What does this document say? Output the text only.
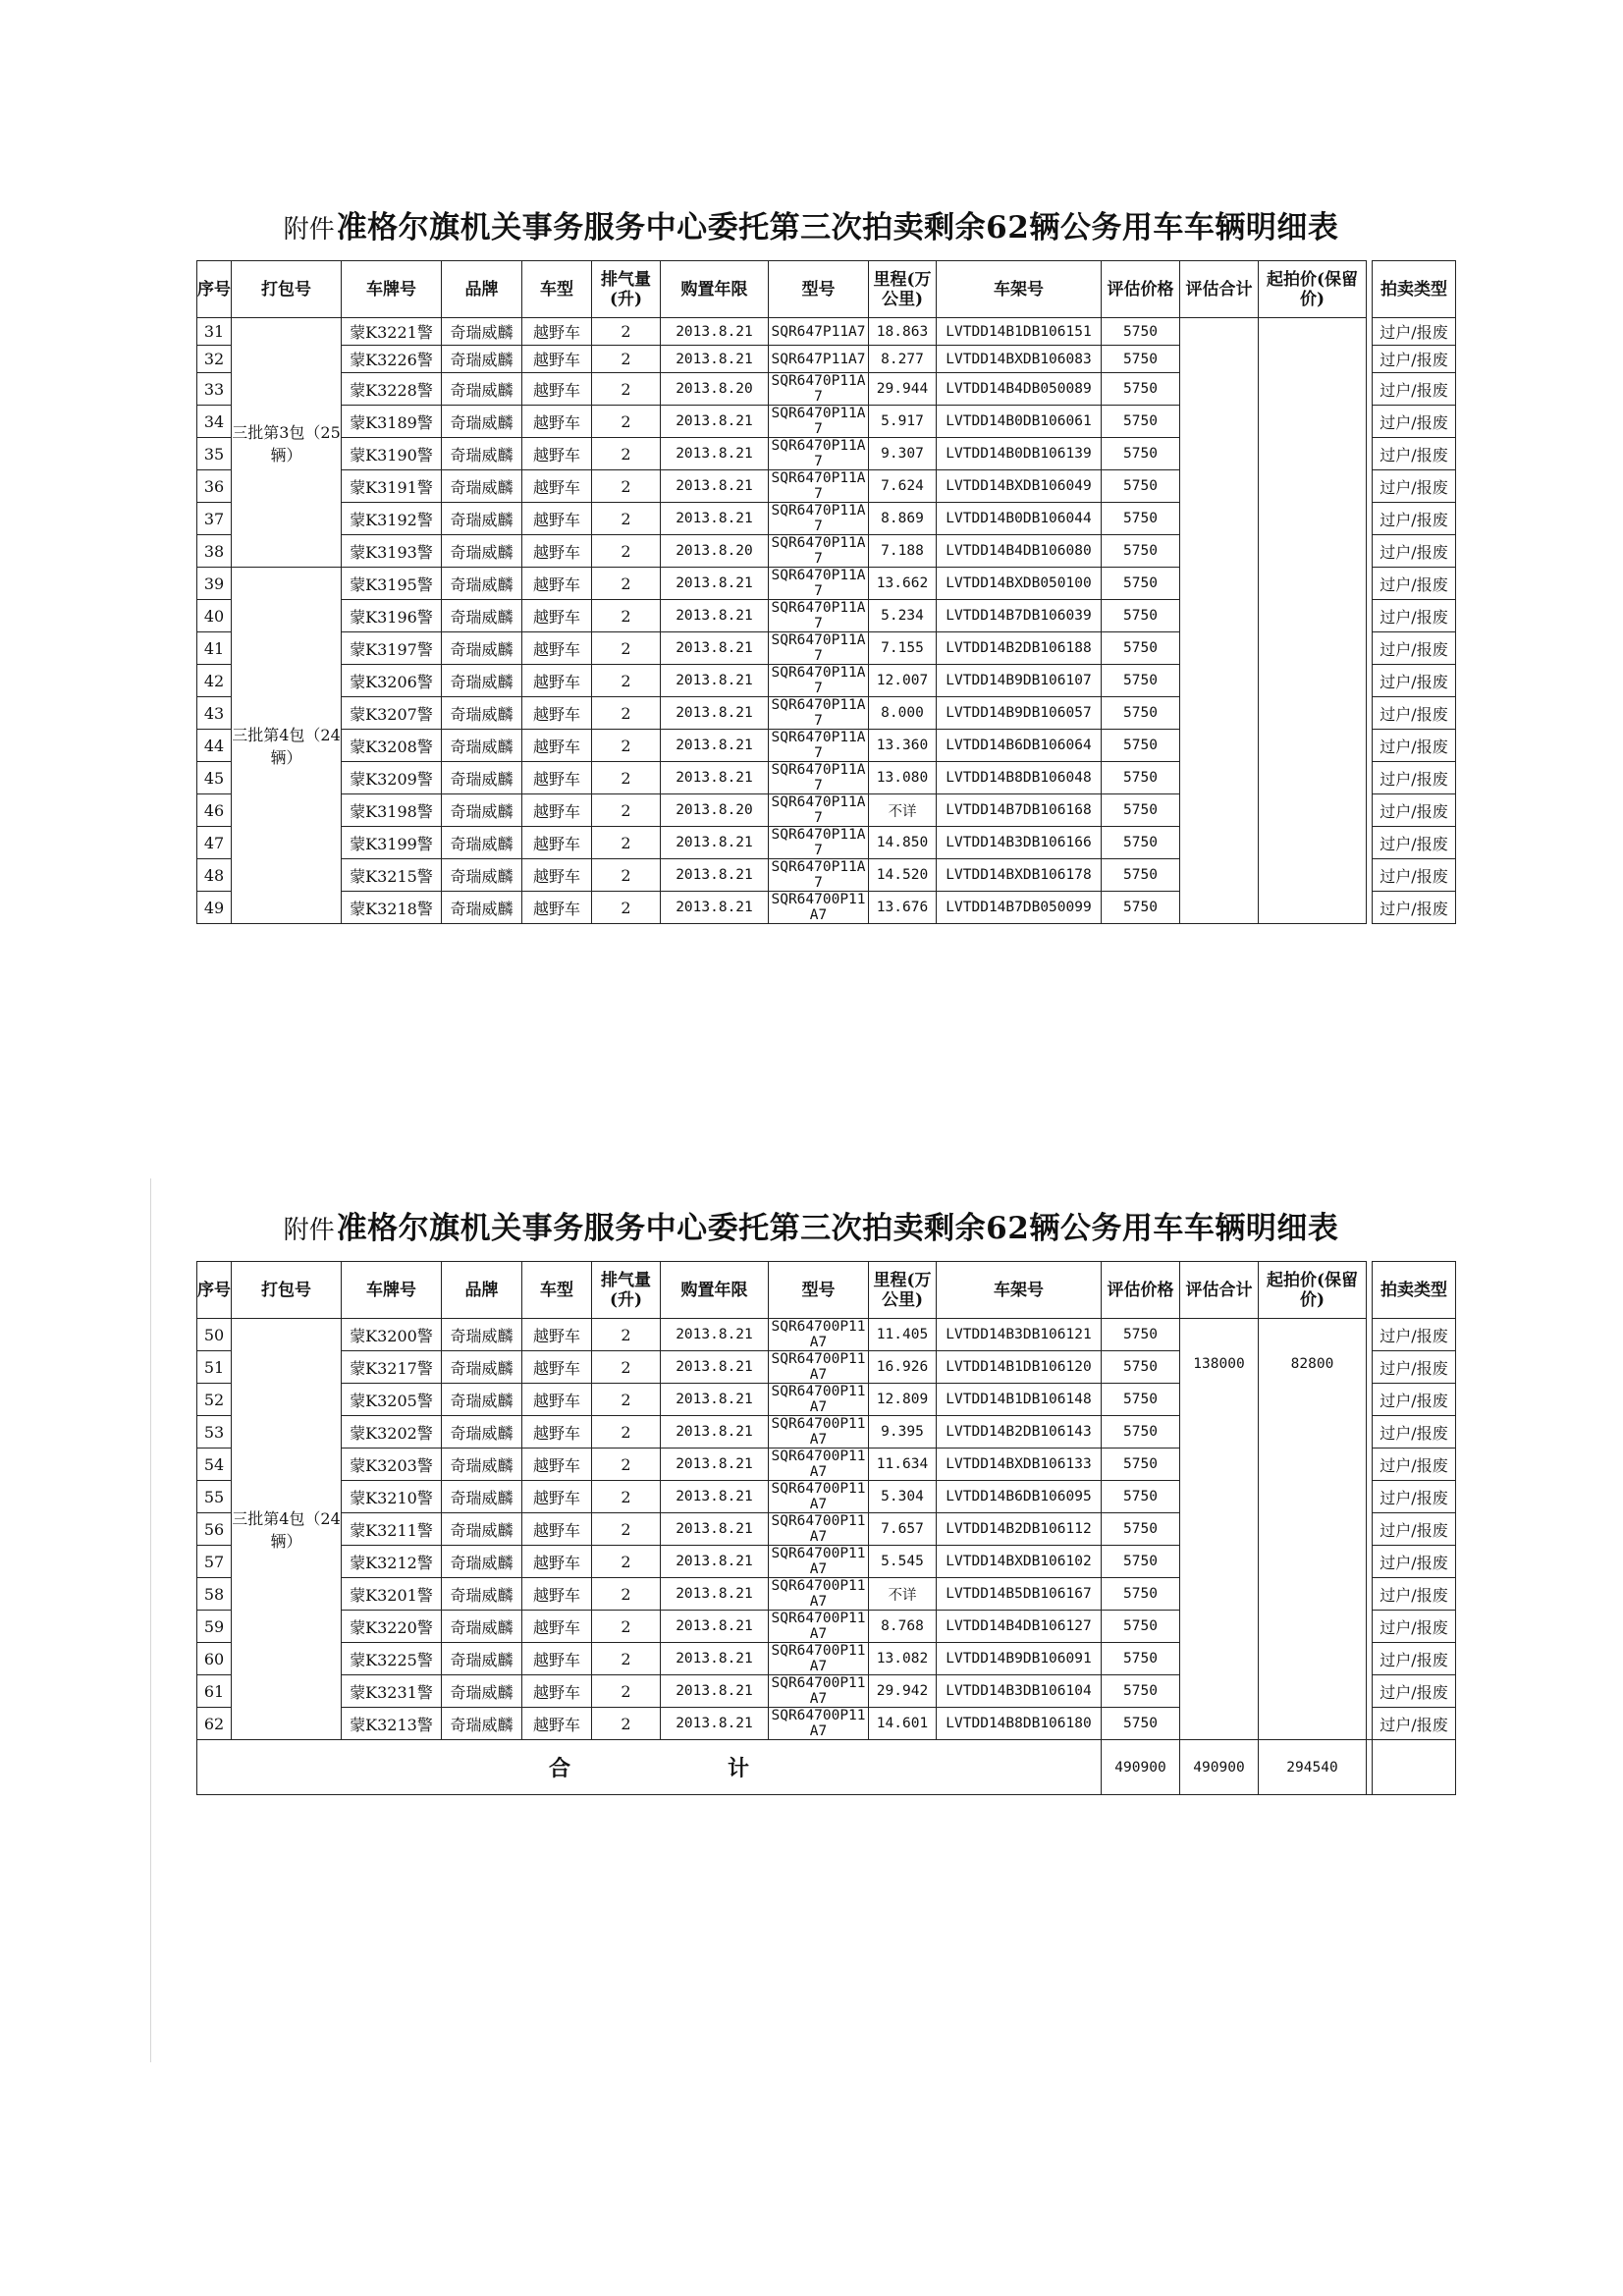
附件准格尔旗机关事务服务中心委托第三次拍卖剩余62辆公务用车车辆明细表
序号	打包号	车牌号	品牌	车型	排气量(升)	购置年限	型号	里程(万公里)	车架号	评估价格	评估合计	起拍价(保留价)		拍卖类型
31	三批第3包（25辆）	蒙K3221警	奇瑞威麟	越野车	2	2013.8.21	SQR647P11A7	18.863	LVTDD14B1DB106151	5750				过户/报废
32		蒙K3226警	奇瑞威麟	越野车	2	2013.8.21	SQR647P11A7	8.277	LVTDD14BXDB106083	5750				过户/报废
33		蒙K3228警	奇瑞威麟	越野车	2	2013.8.20	SQR6470P11A7	29.944	LVTDD14B4DB050089	5750				过户/报废
34		蒙K3189警	奇瑞威麟	越野车	2	2013.8.21	SQR6470P11A7	5.917	LVTDD14B0DB106061	5750				过户/报废
35		蒙K3190警	奇瑞威麟	越野车	2	2013.8.21	SQR6470P11A7	9.307	LVTDD14B0DB106139	5750				过户/报废
36		蒙K3191警	奇瑞威麟	越野车	2	2013.8.21	SQR6470P11A7	7.624	LVTDD14BXDB106049	5750				过户/报废
37		蒙K3192警	奇瑞威麟	越野车	2	2013.8.21	SQR6470P11A7	8.869	LVTDD14B0DB106044	5750				过户/报废
38		蒙K3193警	奇瑞威麟	越野车	2	2013.8.20	SQR6470P11A7	7.188	LVTDD14B4DB106080	5750				过户/报废
39	三批第4包（24辆）	蒙K3195警	奇瑞威麟	越野车	2	2013.8.21	SQR6470P11A7	13.662	LVTDD14BXDB050100	5750				过户/报废
40		蒙K3196警	奇瑞威麟	越野车	2	2013.8.21	SQR6470P11A7	5.234	LVTDD14B7DB106039	5750				过户/报废
41		蒙K3197警	奇瑞威麟	越野车	2	2013.8.21	SQR6470P11A7	7.155	LVTDD14B2DB106188	5750				过户/报废
42		蒙K3206警	奇瑞威麟	越野车	2	2013.8.21	SQR6470P11A7	12.007	LVTDD14B9DB106107	5750				过户/报废
43		蒙K3207警	奇瑞威麟	越野车	2	2013.8.21	SQR6470P11A7	8.000	LVTDD14B9DB106057	5750				过户/报废
44		蒙K3208警	奇瑞威麟	越野车	2	2013.8.21	SQR6470P11A7	13.360	LVTDD14B6DB106064	5750				过户/报废
45		蒙K3209警	奇瑞威麟	越野车	2	2013.8.21	SQR6470P11A7	13.080	LVTDD14B8DB106048	5750				过户/报废
46		蒙K3198警	奇瑞威麟	越野车	2	2013.8.20	SQR6470P11A7	不详	LVTDD14B7DB106168	5750				过户/报废
47		蒙K3199警	奇瑞威麟	越野车	2	2013.8.21	SQR6470P11A7	14.850	LVTDD14B3DB106166	5750				过户/报废
48		蒙K3215警	奇瑞威麟	越野车	2	2013.8.21	SQR6470P11A7	14.520	LVTDD14BXDB106178	5750				过户/报废
49		蒙K3218警	奇瑞威麟	越野车	2	2013.8.21	SQR64700P11A7	13.676	LVTDD14B7DB050099	5750				过户/报废
附件准格尔旗机关事务服务中心委托第三次拍卖剩余62辆公务用车车辆明细表
序号	打包号	车牌号	品牌	车型	排气量(升)	购置年限	型号	里程(万公里)	车架号	评估价格	评估合计	起拍价(保留价)		拍卖类型
50	三批第4包（24辆）	蒙K3200警	奇瑞威麟	越野车	2	2013.8.21	SQR64700P11A7	11.405	LVTDD14B3DB106121	5750	138000	82800		过户/报废
51		蒙K3217警	奇瑞威麟	越野车	2	2013.8.21	SQR64700P11A7	16.926	LVTDD14B1DB106120	5750				过户/报废
52		蒙K3205警	奇瑞威麟	越野车	2	2013.8.21	SQR64700P11A7	12.809	LVTDD14B1DB106148	5750				过户/报废
53		蒙K3202警	奇瑞威麟	越野车	2	2013.8.21	SQR64700P11A7	9.395	LVTDD14B2DB106143	5750				过户/报废
54		蒙K3203警	奇瑞威麟	越野车	2	2013.8.21	SQR64700P11A7	11.634	LVTDD14BXDB106133	5750				过户/报废
55		蒙K3210警	奇瑞威麟	越野车	2	2013.8.21	SQR64700P11A7	5.304	LVTDD14B6DB106095	5750				过户/报废
56		蒙K3211警	奇瑞威麟	越野车	2	2013.8.21	SQR64700P11A7	7.657	LVTDD14B2DB106112	5750				过户/报废
57		蒙K3212警	奇瑞威麟	越野车	2	2013.8.21	SQR64700P11A7	5.545	LVTDD14BXDB106102	5750				过户/报废
58		蒙K3201警	奇瑞威麟	越野车	2	2013.8.21	SQR64700P11A7	不详	LVTDD14B5DB106167	5750				过户/报废
59		蒙K3220警	奇瑞威麟	越野车	2	2013.8.21	SQR64700P11A7	8.768	LVTDD14B4DB106127	5750				过户/报废
60		蒙K3225警	奇瑞威麟	越野车	2	2013.8.21	SQR64700P11A7	13.082	LVTDD14B9DB106091	5750				过户/报废
61		蒙K3231警	奇瑞威麟	越野车	2	2013.8.21	SQR64700P11A7	29.942	LVTDD14B3DB106104	5750				过户/报废
62		蒙K3213警	奇瑞威麟	越野车	2	2013.8.21	SQR64700P11A7	14.601	LVTDD14B8DB106180	5750				过户/报废
合计										490900	490900	294540		
